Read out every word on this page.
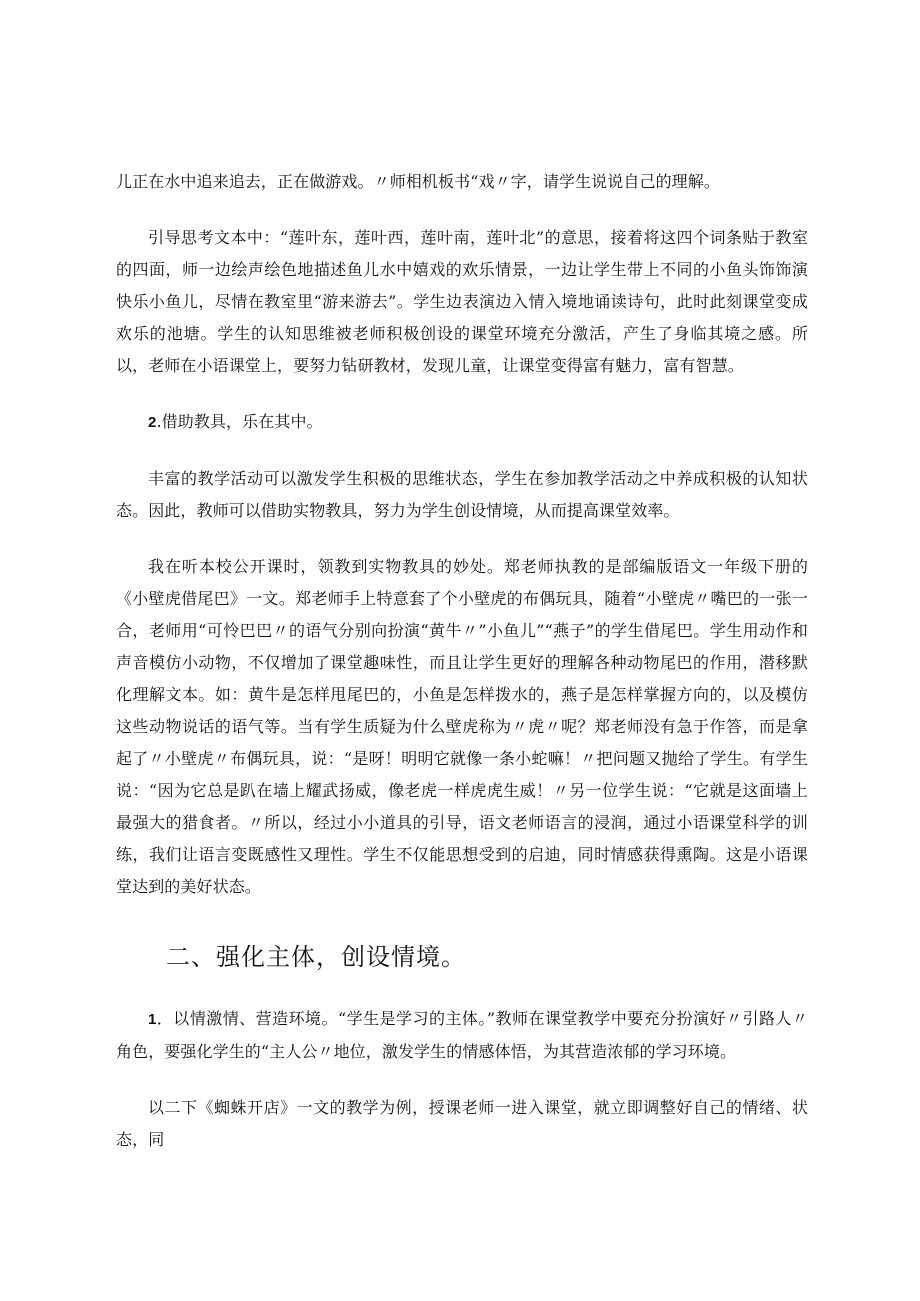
儿正在水中追来追去，正在做游戏。〃师相机板书“戏〃字，请学生说说自己的理解。

引导思考文本中：“莲叶东，莲叶西，莲叶南，莲叶北”的意思，接着将这四个词条贴于教室的四面，师一边绘声绘色地描述鱼儿水中嬉戏的欢乐情景，一边让学生带上不同的小鱼头饰饰演快乐小鱼儿，尽情在教室里“游来游去”。学生边表演边入情入境地诵读诗句，此时此刻课堂变成欢乐的池塘。学生的认知思维被老师积极创设的课堂环境充分激活，产生了身临其境之感。所以，老师在小语课堂上，要努力钻研教材，发现儿童，让课堂变得富有魅力，富有智慧。

2.借助教具，乐在其中。

丰富的教学活动可以激发学生积极的思维状态，学生在参加教学活动之中养成积极的认知状态。因此，教师可以借助实物教具，努力为学生创设情境，从而提高课堂效率。

我在听本校公开课时，领教到实物教具的妙处。郑老师执教的是部编版语文一年级下册的《小壁虎借尾巴》一文。郑老师手上特意套了个小壁虎的布偶玩具，随着“小壁虎〃嘴巴的一张一合，老师用“可怜巴巴〃的语气分别向扮演“黄牛〃”小鱼儿”“燕子”的学生借尾巴。学生用动作和声音模仿小动物，不仅增加了课堂趣味性，而且让学生更好的理解各种动物尾巴的作用，潜移默化理解文本。如：黄牛是怎样甩尾巴的，小鱼是怎样拨水的，燕子是怎样掌握方向的，以及模仿这些动物说话的语气等。当有学生质疑为什么壁虎称为〃虎〃呢？郑老师没有急于作答，而是拿起了〃小壁虎〃布偶玩具，说：“是呀！明明它就像一条小蛇嘛！〃把问题又抛给了学生。有学生说：“因为它总是趴在墙上耀武扬威，像老虎一样虎虎生威！〃另一位学生说：“它就是这面墙上最强大的猎食者。〃所以，经过小小道具的引导，语文老师语言的浸润，通过小语课堂科学的训练，我们让语言变既感性又理性。学生不仅能思想受到的启迪，同时情感获得熏陶。这是小语课堂达到的美好状态。

二、强化主体，创设情境。

1．以情激情、营造环境。“学生是学习的主体。”教师在课堂教学中要充分扮演好〃引路人〃角色，要强化学生的“主人公〃地位，激发学生的情感体悟，为其营造浓郁的学习环境。

以二下《蜘蛛开店》一文的教学为例，授课老师一进入课堂，就立即调整好自己的情绪、状态，同
